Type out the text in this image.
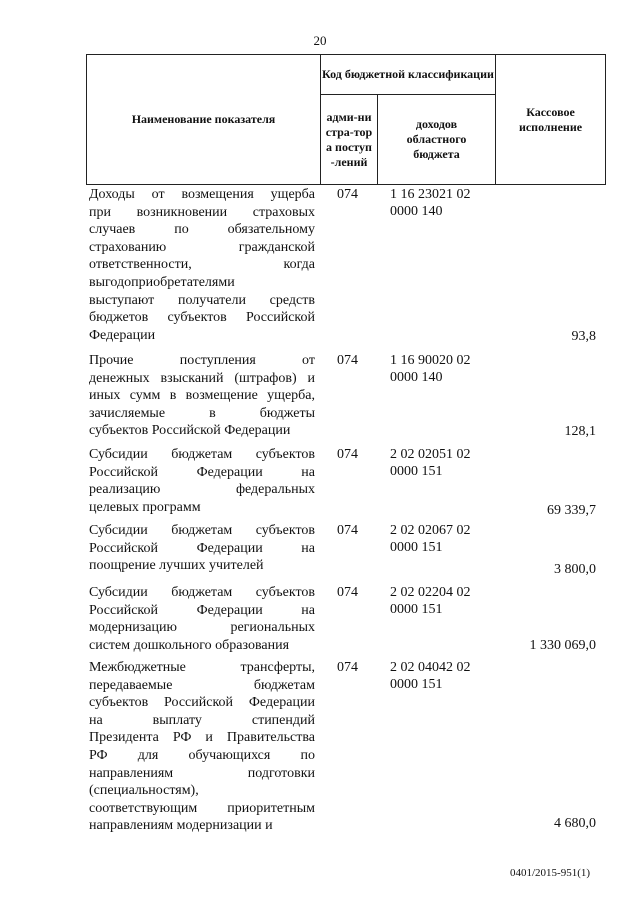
20
Наименование показателя
Код бюджетной классификации
адми-нистра-тора поступ-лений
доходов областного бюджета
Кассовое исполнение
Доходы от возмещения ущерба
при возникновении страховых
случаев по обязательному
страхованию гражданской
ответственности, когда
выгодоприобретателями
выступают получатели средств
бюджетов субъектов Российской
Федерации
074 1 16 23021 02 0000 140
93,8
Прочие поступления от
денежных взысканий (штрафов) и
иных сумм в возмещение ущерба,
зачисляемые в бюджеты
субъектов Российской Федерации
074 1 16 90020 02 0000 140
128,1
Субсидии бюджетам субъектов
Российской Федерации на
реализацию федеральных
целевых программ
074 2 02 02051 02 0000 151
69 339,7
Субсидии бюджетам субъектов
Российской Федерации на
поощрение лучших учителей
074 2 02 02067 02 0000 151
3 800,0
Субсидии бюджетам субъектов
Российской Федерации на
модернизацию региональных
систем дошкольного образования
074 2 02 02204 02 0000 151
1 330 069,0
Межбюджетные трансферты,
передаваемые бюджетам
субъектов Российской Федерации
на выплату стипендий
Президента РФ и Правительства
РФ для обучающихся по
направлениям подготовки
(специальностям),
соответствующим приоритетным
направлениям модернизации и
074 2 02 04042 02 0000 151
4 680,0
0401/2015-951(1)
